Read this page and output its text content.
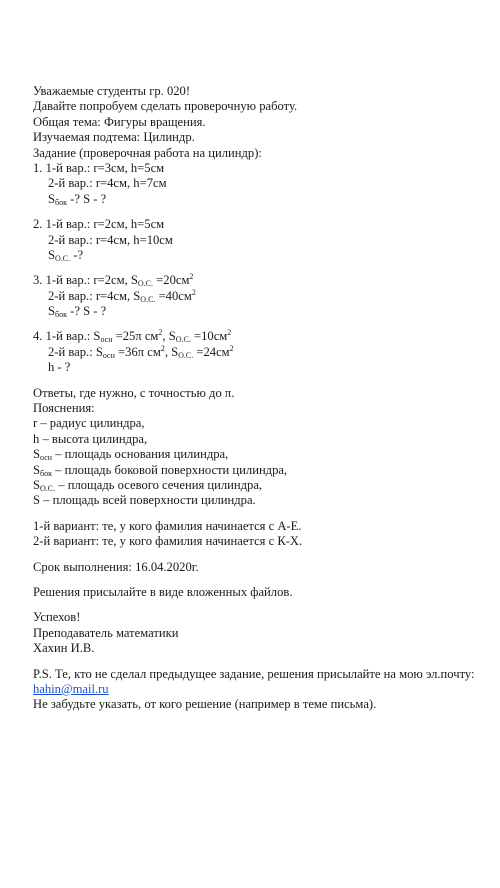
Уважаемые студенты гр. 020!
Давайте попробуем сделать проверочную работу.
Общая тема: Фигуры вращения.
Изучаемая подтема: Цилиндр.
Задание (проверочная работа на цилиндр):
1. 1-й вар.: r=3см, h=5см
2-й вар.: r=4см, h=7см
$S_{бок}$ -? S - ?
2. 1-й вар.: r=2см, h=5см
2-й вар.: r=4см, h=10см
$S_{О.С.}$ -?
3. 1-й вар.: r=2см, $S_{О.С.} =20см^2$
2-й вар.: r=4см, $S_{О.С.} =40см^2$
$S_{бок}$ -? S - ?
4. 1-й вар.: $S_{осн} =25\pi$ $см^2$, $S_{О.С.} =10см^2$
2-й вар.: $S_{осн} =36\pi$ $см^2$, $S_{О.С.} =24см^2$
h - ?
Ответы, где нужно, с точностью до π.
Пояснения:
r – радиус цилиндра,
h – высота цилиндра,
$S_{осн}$ – площадь основания цилиндра,
$S_{бок}$ – площадь боковой поверхности цилиндра,
$S_{О.С.}$ – площадь осевого сечения цилиндра,
S – площадь всей поверхности цилиндра.
1-й вариант: те, у кого фамилия начинается с А-Е.
2-й вариант: те, у кого фамилия начинается с К-Х.
Срок выполнения: 16.04.2020г.
Решения присылайте в виде вложенных файлов.
Успехов!
Преподаватель математики
Хахин И.В.
P.S. Те, кто не сделал предыдущее задание, решения присылайте на мою эл.почту:
hahin@mail.ru
Не забудьте указать, от кого решение (например в теме письма).
